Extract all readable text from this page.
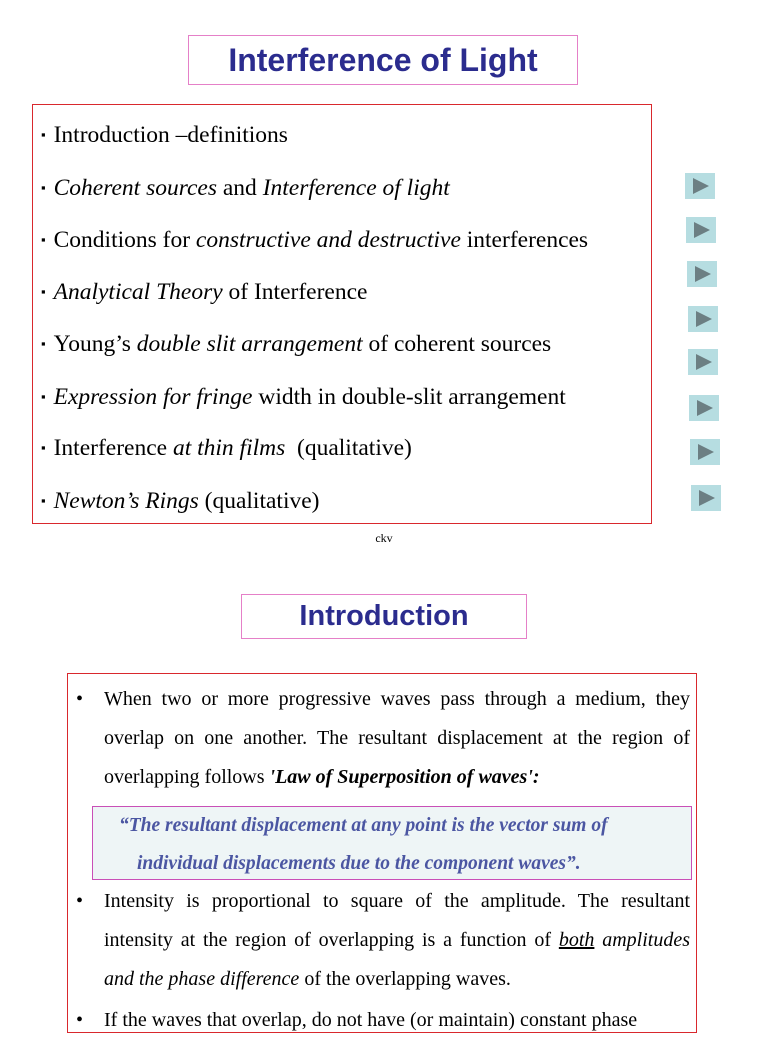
Interference of Light
▪ Introduction –definitions
▪ Coherent sources and Interference of light
▪ Conditions for constructive and destructive interferences
▪ Analytical Theory of Interference
▪ Young’s double slit arrangement of coherent sources
▪ Expression for fringe width in double-slit arrangement
▪ Interference at thin films  (qualitative)
▪ Newton’s Rings (qualitative)
ckv
Introduction
• When two or more progressive waves pass through a medium, they overlap on one another. The resultant displacement at the region of overlapping follows 'Law of Superposition of waves':
“The resultant displacement at any point is the vector sum of
individual displacements due to the component waves”.
• Intensity is proportional to square of the amplitude. The resultant intensity at the region of overlapping is a function of both amplitudes and the phase difference of the overlapping waves.
• If the waves that overlap, do not have (or maintain) constant phase
